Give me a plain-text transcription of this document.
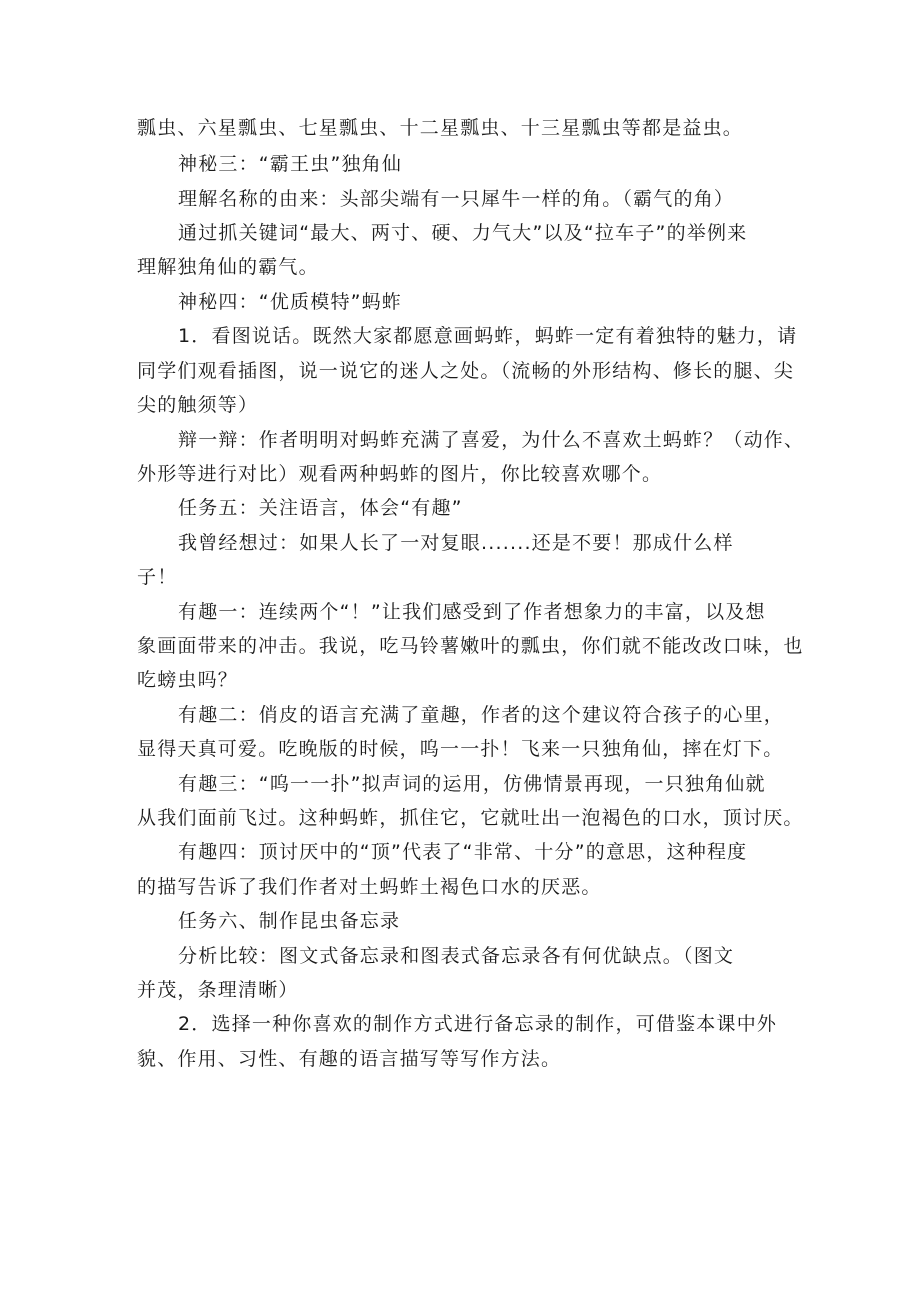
瓢虫、六星瓢虫、七星瓢虫、十二星瓢虫、十三星瓢虫等都是益虫。
神秘三：“霸王虫”独角仙
理解名称的由来：头部尖端有一只犀牛一样的角。（霸气的角）
通过抓关键词“最大、两寸、硬、力气大”以及“拉车子”的举例来
理解独角仙的霸气。
神秘四：“优质模特”蚂蚱
1．看图说话。既然大家都愿意画蚂蚱，蚂蚱一定有着独特的魅力，请
同学们观看插图，说一说它的迷人之处。（流畅的外形结构、修长的腿、尖
尖的触须等）
辩一辩：作者明明对蚂蚱充满了喜爱，为什么不喜欢土蚂蚱？（动作、
外形等进行对比）观看两种蚂蚱的图片，你比较喜欢哪个。
任务五：关注语言，体会“有趣”
我曾经想过：如果人长了一对复眼.......还是不要！那成什么样
子！
有趣一：连续两个“！”让我们感受到了作者想象力的丰富，以及想
象画面带来的冲击。我说，吃马铃薯嫩叶的瓢虫，你们就不能改改口味，也
吃螃虫吗？
有趣二：俏皮的语言充满了童趣，作者的这个建议符合孩子的心里，
显得天真可爱。吃晚版的时候，呜一一扑！飞来一只独角仙，摔在灯下。
有趣三：“呜一一扑”拟声词的运用，仿佛情景再现，一只独角仙就
从我们面前飞过。这种蚂蚱，抓住它，它就吐出一泡褐色的口水，顶讨厌。
有趣四：顶讨厌中的“顶”代表了“非常、十分”的意思，这种程度
的描写告诉了我们作者对土蚂蚱土褐色口水的厌恶。
任务六、制作昆虫备忘录
分析比较：图文式备忘录和图表式备忘录各有何优缺点。（图文
并茂，条理清晰）
2．选择一种你喜欢的制作方式进行备忘录的制作，可借鉴本课中外
貌、作用、习性、有趣的语言描写等写作方法。
